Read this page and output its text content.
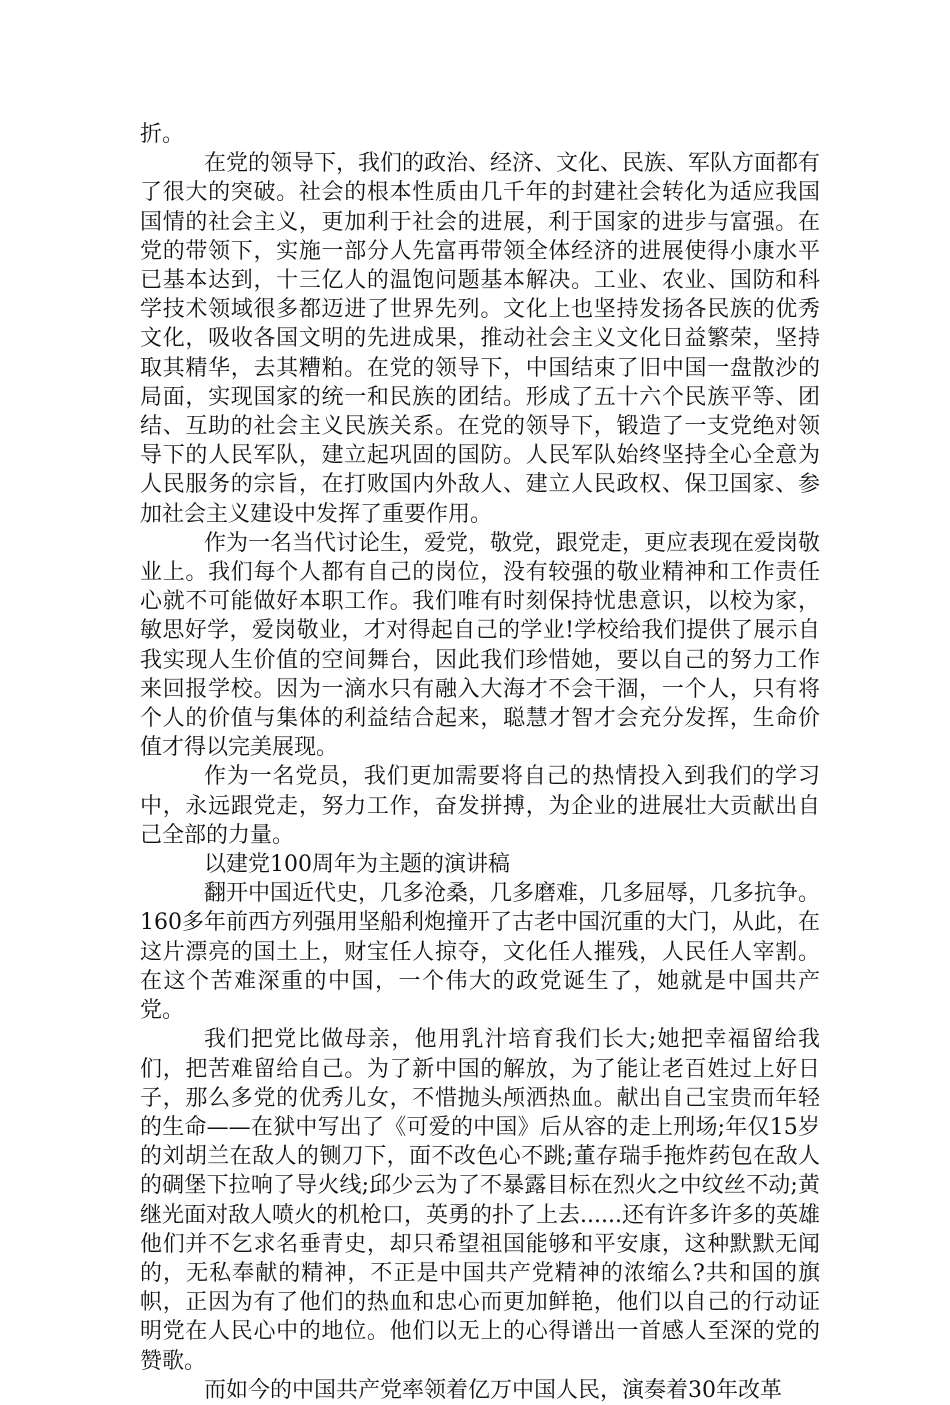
折。

在党的领导下，我们的政治、经济、文化、民族、军队方面都有了很大的突破。社会的根本性质由几千年的封建社会转化为适应我国国情的社会主义，更加利于社会的进展，利于国家的进步与富强。在党的带领下，实施一部分人先富再带领全体经济的进展使得小康水平已基本达到，十三亿人的温饱问题基本解决。工业、农业、国防和科学技术领域很多都迈进了世界先列。文化上也坚持发扬各民族的优秀文化，吸收各国文明的先进成果，推动社会主义文化日益繁荣，坚持取其精华，去其糟粕。在党的领导下，中国结束了旧中国一盘散沙的局面，实现国家的统一和民族的团结。形成了五十六个民族平等、团结、互助的社会主义民族关系。在党的领导下，锻造了一支党绝对领导下的人民军队，建立起巩固的国防。人民军队始终坚持全心全意为人民服务的宗旨，在打败国内外敌人、建立人民政权、保卫国家、参加社会主义建设中发挥了重要作用。

作为一名当代讨论生，爱党，敬党，跟党走，更应表现在爱岗敬业上。我们每个人都有自己的岗位，没有较强的敬业精神和工作责任心就不可能做好本职工作。我们唯有时刻保持忧患意识，以校为家，敏思好学，爱岗敬业，才对得起自己的学业!学校给我们提供了展示自我实现人生价值的空间舞台，因此我们珍惜她，要以自己的努力工作来回报学校。因为一滴水只有融入大海才不会干涸，一个人，只有将个人的价值与集体的利益结合起来，聪慧才智才会充分发挥，生命价值才得以完美展现。

作为一名党员，我们更加需要将自己的热情投入到我们的学习中，永远跟党走，努力工作，奋发拼搏，为企业的进展壮大贡献出自己全部的力量。

以建党100周年为主题的演讲稿

翻开中国近代史，几多沧桑，几多磨难，几多屈辱，几多抗争。160多年前西方列强用坚船利炮撞开了古老中国沉重的大门，从此，在这片漂亮的国土上，财宝任人掠夺，文化任人摧残，人民任人宰割。在这个苦难深重的中国，一个伟大的政党诞生了，她就是中国共产党。

我们把党比做母亲，他用乳汁培育我们长大;她把幸福留给我们，把苦难留给自己。为了新中国的解放，为了能让老百姓过上好日子，那么多党的优秀儿女，不惜抛头颅洒热血。献出自己宝贵而年轻的生命——在狱中写出了《可爱的中国》后从容的走上刑场;年仅15岁的刘胡兰在敌人的铡刀下，面不改色心不跳;董存瑞手拖炸药包在敌人的碉堡下拉响了导火线;邱少云为了不暴露目标在烈火之中纹丝不动;黄继光面对敌人喷火的机枪口，英勇的扑了上去......还有许多许多的英雄他们并不乞求名垂青史，却只希望祖国能够和平安康，这种默默无闻的，无私奉献的精神，不正是中国共产党精神的浓缩么?共和国的旗帜，正因为有了他们的热血和忠心而更加鲜艳，他们以自己的行动证明党在人民心中的地位。他们以无上的心得谱出一首感人至深的党的赞歌。

而如今的中国共产党率领着亿万中国人民，演奏着30年改革
